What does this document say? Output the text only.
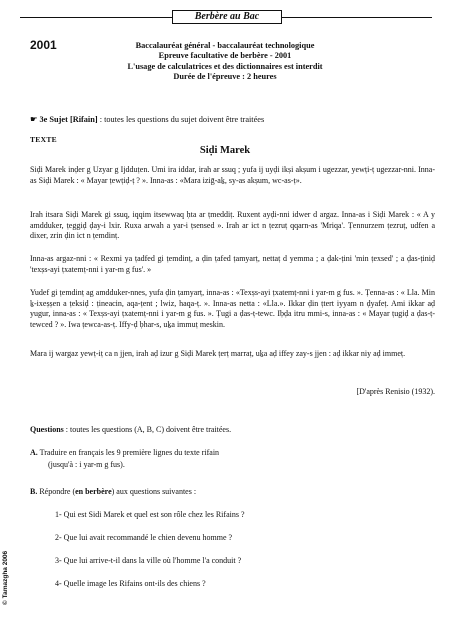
Berbère au Bac
2001	Baccalauréat général - baccalauréat technologique
Epreuve facultative de berbère - 2001
L'usage de calculatrices et des dictionnaires est interdit
Durée de l'épreuve : 2 heures
☛ 3e Sujet [Rifain] : toutes les questions du sujet doivent être traitées
TEXTE
Siḍi Marek
Siḍi Marek inḍer g Uzyar g Ijdduṭen. Umi ira iddar, irah ar ssuq ; yufa ij uyḍi ikṣi akṣum i ugezzar, yewṭi-ṭ ugezzar-nni. Inna-as Siḍi Marek : « Mayar ṭewṭiḍ-ṭ ? ». Inna-as : «Mara iziḡ-aḵ, sy-as akṣum, wc-as-ṭ».
Irah itsara Siḍi Marek gi ssuq, iqqim itsewwaq ḥta ar ṭmeddiṭ. Ruxent ayḍi-nni idwer d argaz. Inna-as i Siḍi Marek : « A y amdduker, ṭeggiḍ ḍay-i lxir. Ruxa arwah a yar-i ṭsensed ». Irah ar ict n ṭezruṭ qqarn-as 'Mriqa'. Ṭennurzem ṭezruṭ, udfen a dixer, zrin ḍin ict n ṭemdinṭ.
Inna-as argaz-nni : « Rexmi ya ṭadfed gi ṭemdinṭ, a ḍin ṭafed ṭamyarṭ, nettaṭ d yemma ; a ḍak-ṭini 'min ṭexsed' ; a ḍas-ṭiniḍ 'texṣs-ayi ṭxatemṭ-nni i yar-m g fus'. »
Yudef gi ṭemdinṭ ag amdduker-nnes, yufa ḍin ṭamyarṭ, inna-as : «Texṣs-ayi ṭxatemṭ-nni i yar-m g fus. ». Ṭenna-as : « Lla. Min ḵ-ixeṣṣen a ṭeksiḍ : ṭineacin, aqa-ṭent ; lwiz, haqa-ṭ. ». Inna-as netta : «Lla.». Ikkar ḍin ṭtert iyyam n ḍyafeṭ. Ami ikkar aḍ yugur, inna-as : « Texṣs-ayi ṭxatemṭ-nni i yar-m g fus. ». Ṭugi a ḍas-ṭ-tewc. Iḅḍa itru mmi-s, inna-as : « Mayar ṭugiḍ a ḍas-ṭ-tewced ? ». Iwa ṭewca-as-ṭ. Iffy-ḍ ḅhar-s, uḵa immuṭ meskin.
Mara ij wargaz yewṭ-iṭ ca n jjen, irah aḍ izur g Siḍi Marek ṭerṭ marraṭ, uḵa aḍ iffey zay-s jjen : aḍ ikkar niy aḍ immeṭ.
[D'après Renisio (1932).
Questions : toutes les questions (A, B, C) doivent être traitées.
A. Traduire en français les 9 première lignes du texte rifain
(jusqu'à : i yar-m g fus).
B. Répondre (en berbère) aux questions suivantes :
1- Qui est Sidi Marek et quel est son rôle chez les Rifains ?
2- Que lui avait recommandé le chien devenu homme ?
3- Que lui arrive-t-il dans la ville où l'homme l'a conduit ?
4- Quelle image les Rifains ont-ils des chiens ?
© Tamazgha 2006
